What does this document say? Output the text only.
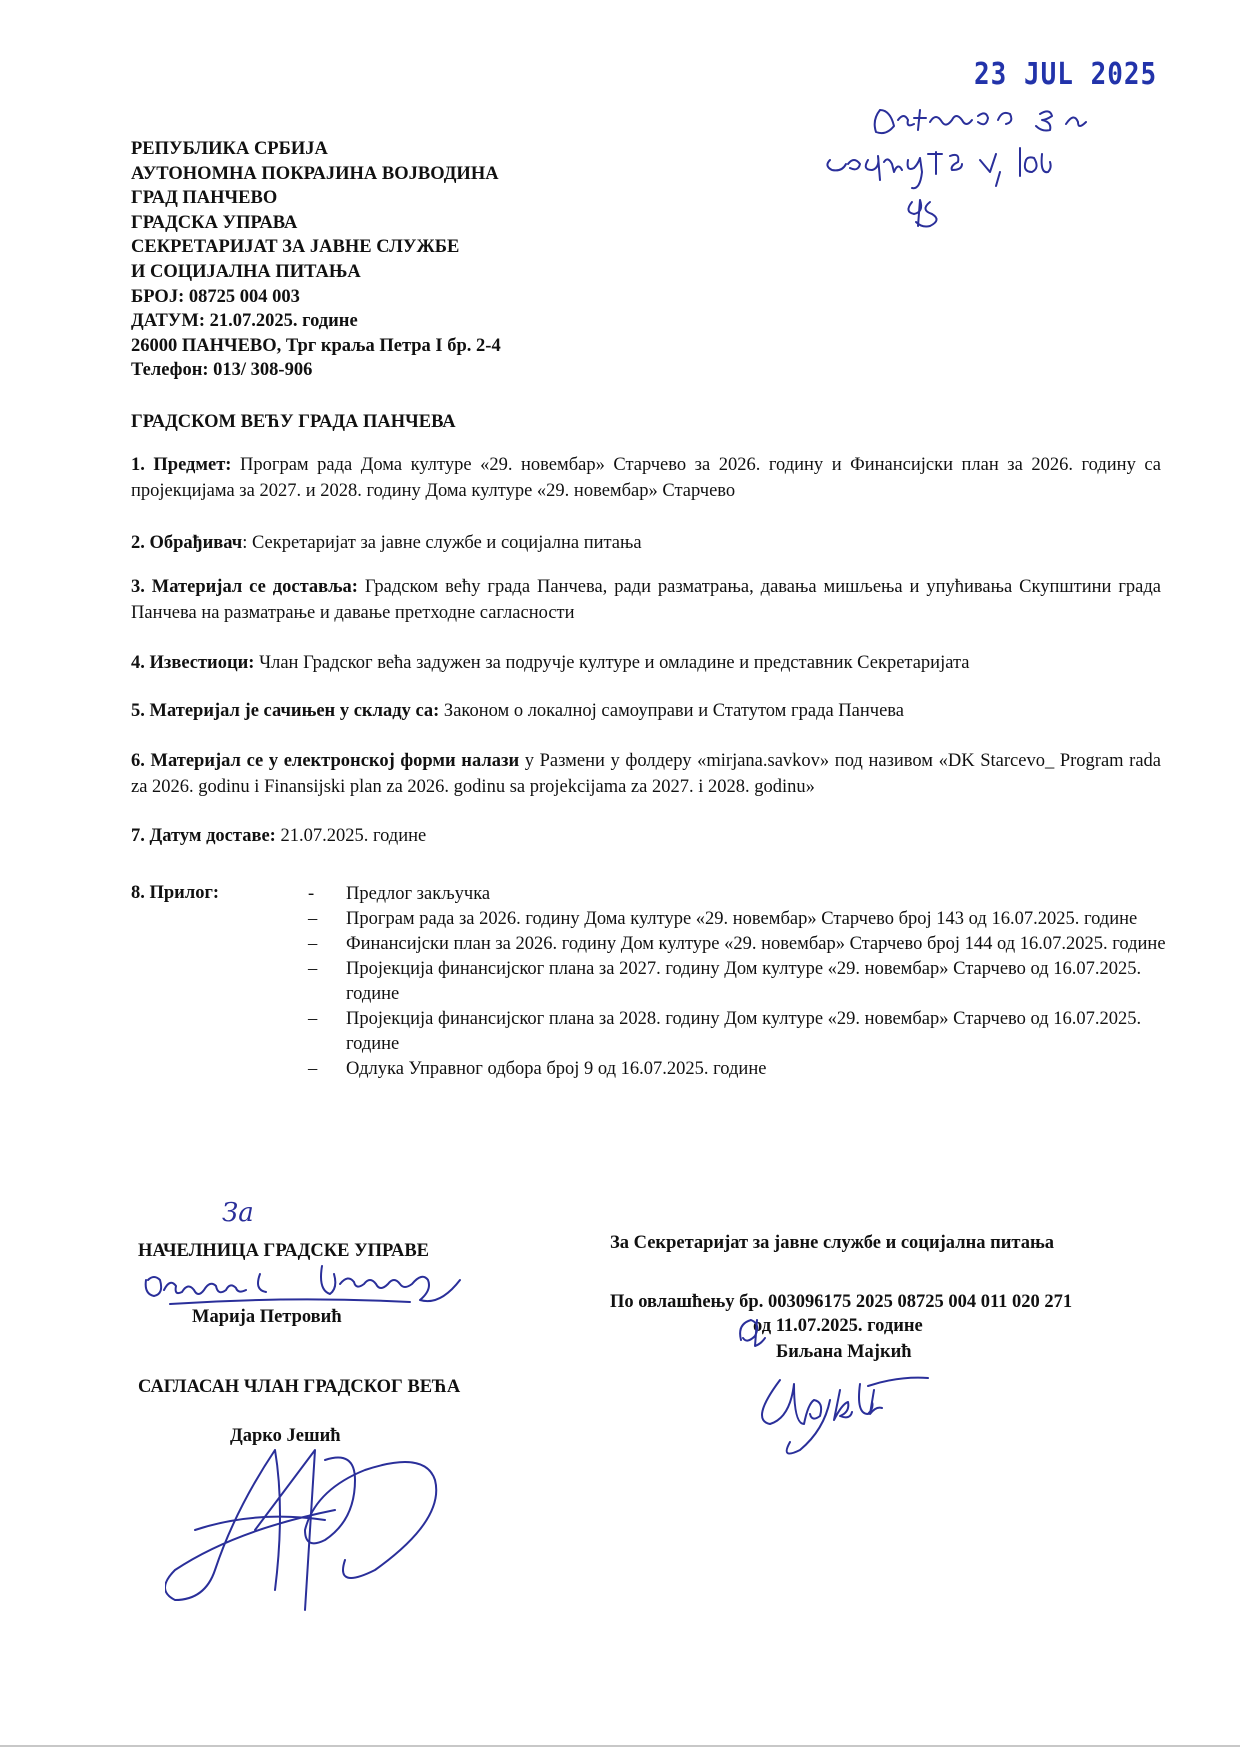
23 JUL 2025
РЕПУБЛИКА СРБИЈА
АУТОНОМНА ПОКРАЈИНА ВОЈВОДИНА
ГРАД ПАНЧЕВО
ГРАДСКА УПРАВА
СЕКРЕТАРИЈАТ ЗА ЈАВНЕ СЛУЖБЕ
И СОЦИЈАЛНА ПИТАЊА
БРОЈ: 08725 004 003
ДАТУМ: 21.07.2025. године
26000 ПАНЧЕВО, Трг краља Петра I бр. 2-4
Телефон: 013/ 308-906
ГРАДСКОМ ВЕЋУ ГРАДА ПАНЧЕВА
1. Предмет: Програм рада Дома културе «29. новембар» Старчево за 2026. годину и Финансијски план за 2026. годину са пројекцијама за 2027. и 2028. годину Дома културе «29. новембар» Старчево
2. Обрађивач: Секретаријат за јавне службе и социјална питања
3. Материјал се доставља: Градском већу града Панчева, ради разматрања, давања мишљења и упућивања Скупштини града Панчева на разматрање и давање претходне сагласности
4. Известиоци: Члан Градског већа задужен за подручје културе и омладине и представник Секретаријата
5. Материјал је сачињен у складу са: Законом о локалној самоуправи и Статутом града Панчева
6. Материјал се у електронској форми налази у Размени у фолдеру «mirjana.savkov» под називом «DK Starcevo_ Program rada za 2026. godinu i Finansijski plan za 2026. godinu sa projekcijama za 2027. i 2028. godinu»
7. Датум доставе: 21.07.2025. године
8. Прилог:	- Предлог закључка
– Програм рада за 2026. годину Дома културе «29. новембар» Старчево број 143 од 16.07.2025. године
– Финансијски план за 2026. годину Дом културе «29. новембар» Старчево број 144 од 16.07.2025. године
– Пројекција финансијског плана за 2027. годину Дом културе «29. новембар» Старчево од 16.07.2025. године
– Пројекција финансијског плана за 2028. годину Дом културе «29. новембар» Старчево од 16.07.2025. године
– Одлука Управног одбора број 9 од 16.07.2025. године
За
НАЧЕЛНИЦА ГРАДСКЕ УПРАВЕ
Марија Петровић
САГЛАСАН ЧЛАН ГРАДСКОГ ВЕЋА
Дарко Јешић
За Секретаријат за јавне службе и социјална питања
По овлашћењу бр. 003096175 2025 08725 004 011 020 271
од 11.07.2025. године
Биљана Мајкић
